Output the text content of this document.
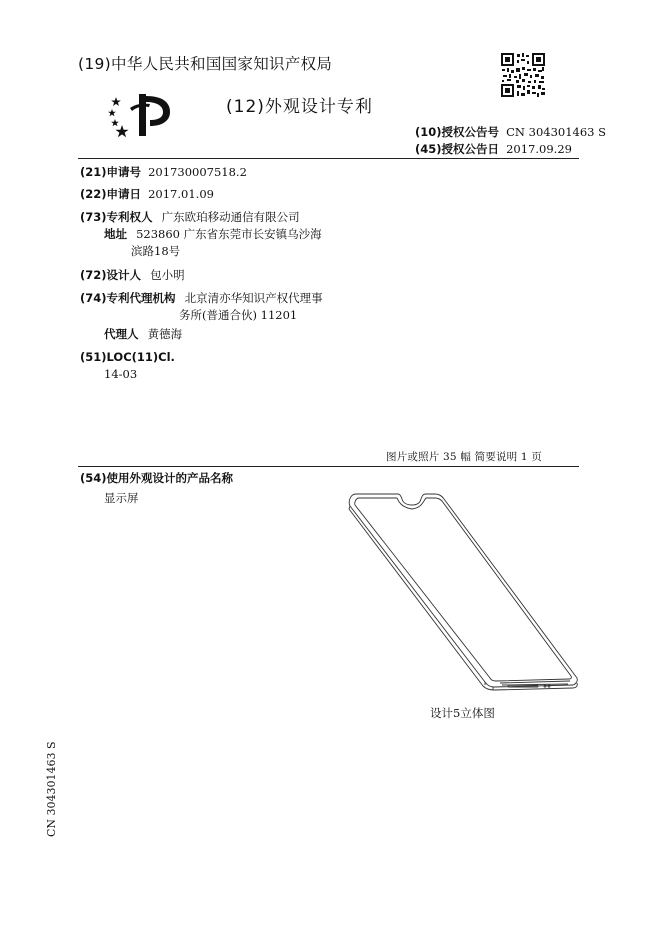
(19)中华人民共和国国家知识产权局
(12)外观设计专利
(10)授权公告号 CN 304301463 S
(45)授权公告日 2017.09.29
(21)申请号 201730007518.2
(22)申请日 2017.01.09
(73)专利权人 广东欧珀移动通信有限公司
地址 523860 广东省东莞市长安镇乌沙海
滨路18号
(72)设计人 包小明
(74)专利代理机构 北京清亦华知识产权代理事
务所(普通合伙) 11201
代理人 黄德海
(51)LOC(11)Cl.
14-03
图片或照片 35 幅 简要说明 1 页
(54)使用外观设计的产品名称
显示屏
设计5立体图
CN 304301463 S
